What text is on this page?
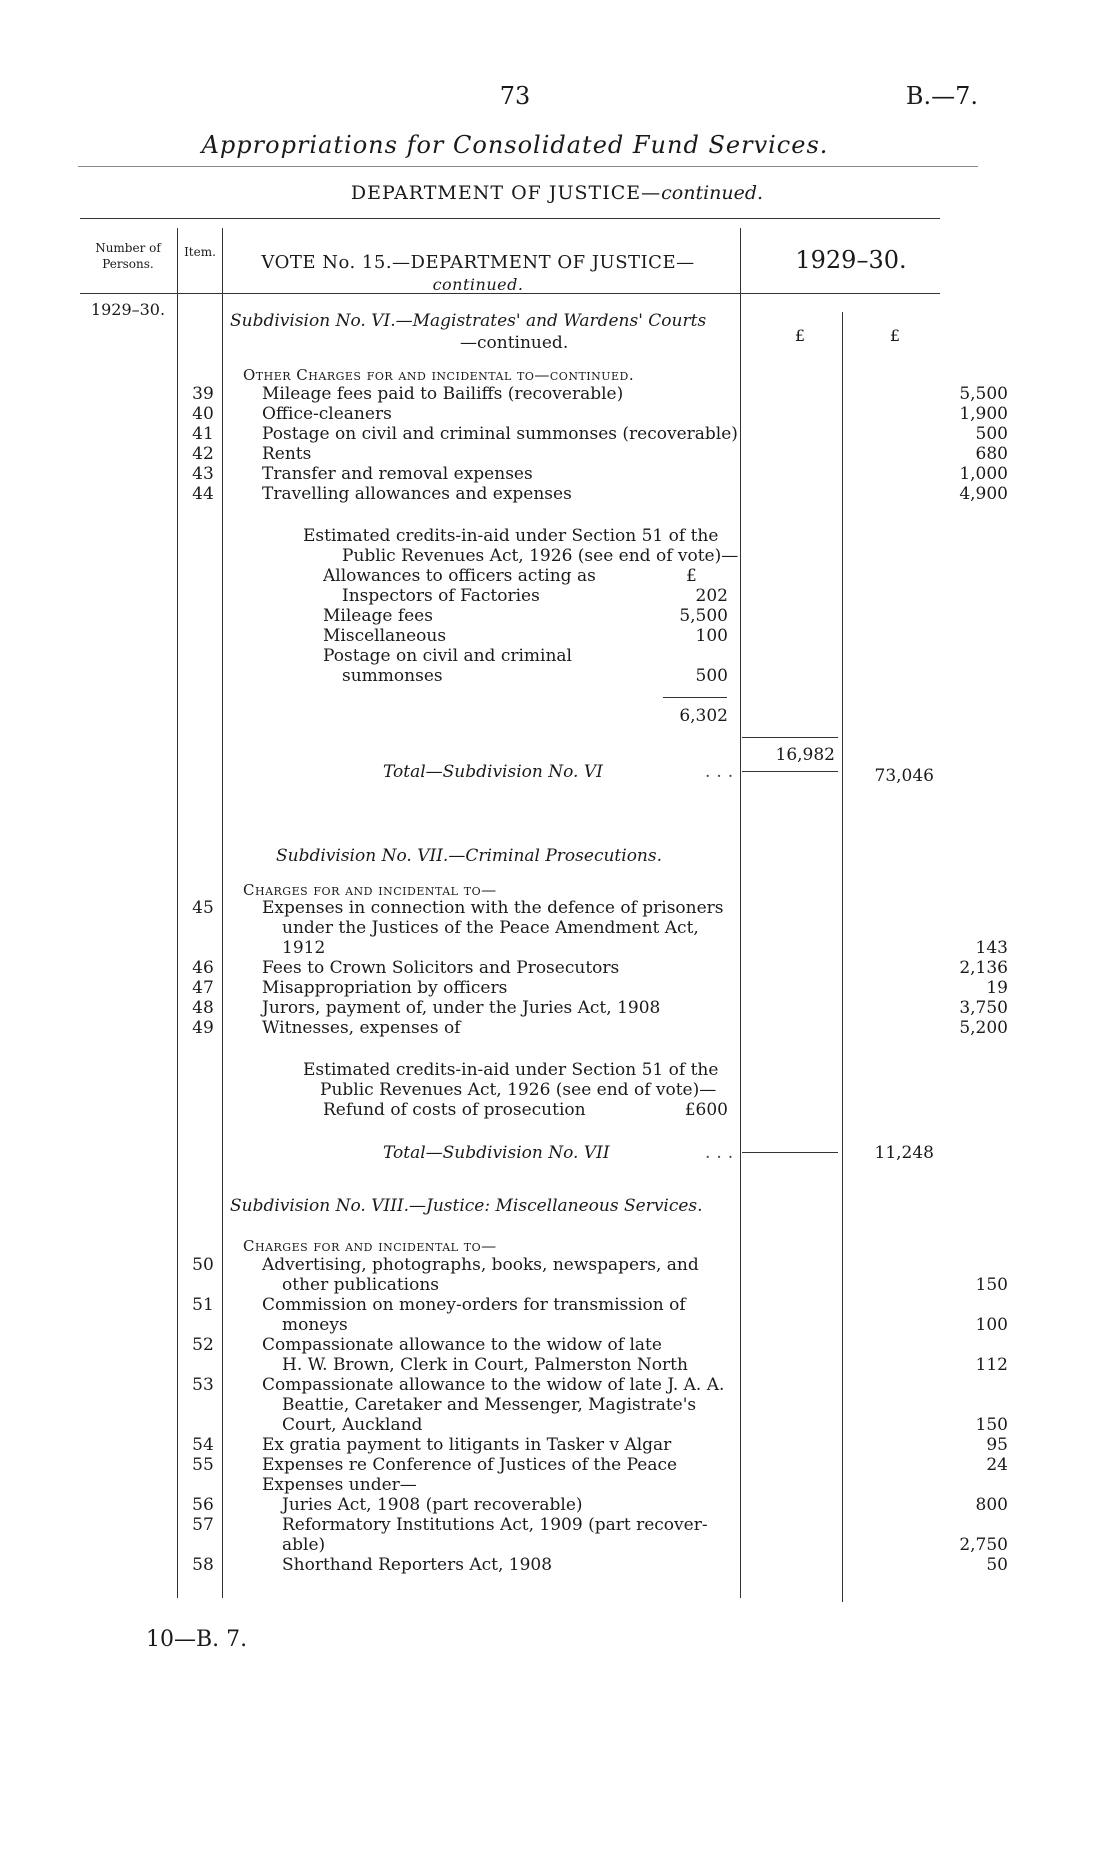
73	B.—7.
Appropriations for Consolidated Fund Services.
DEPARTMENT OF JUSTICE—continued.
Number of Persons.
Item.	VOTE No. 15.—DEPARTMENT OF JUSTICE—
continued.
1929–30.
1929–30.
£	£
Subdivision No. VI.—Magistrates' and Wardens' Courts
—continued.
Other Charges for and incidental to—continued.
39	Mileage fees paid to Bailiffs (recoverable)	5,500
40	Office-cleaners	1,900
41	Postage on civil and criminal summonses (recoverable)	500
42	Rents	680
43	Transfer and removal expenses	1,000
44	Travelling allowances and expenses	4,900
Estimated credits-in-aid under Section 51 of the
Public Revenues Act, 1926 (see end of vote)—
Allowances to officers acting as	£
Inspectors of Factories	202
Mileage fees	5,500
Miscellaneous	100
Postage on civil and criminal
summonses	500
6,302
16,982
Total—Subdivision No. VI	...	73,046
Subdivision No. VII.—Criminal Prosecutions.
Charges for and incidental to—
45	Expenses in connection with the defence of prisoners
under the Justices of the Peace Amendment Act,
1912	143
46	Fees to Crown Solicitors and Prosecutors	2,136
47	Misappropriation by officers	19
48	Jurors, payment of, under the Juries Act, 1908	3,750
49	Witnesses, expenses of	5,200
Estimated credits-in-aid under Section 51 of the
Public Revenues Act, 1926 (see end of vote)—
Refund of costs of prosecution	£600
Total—Subdivision No. VII	...	11,248
Subdivision No. VIII.—Justice: Miscellaneous Services.
Charges for and incidental to—
50	Advertising, photographs, books, newspapers, and
other publications	150
51	Commission on money-orders for transmission of
moneys	100
52	Compassionate allowance to the widow of late
H. W. Brown, Clerk in Court, Palmerston North	112
53	Compassionate allowance to the widow of late J. A. A.
Beattie, Caretaker and Messenger, Magistrate's
Court, Auckland	150
54	Ex gratia payment to litigants in Tasker v Algar	95
55	Expenses re Conference of Justices of the Peace	24
Expenses under—
56	Juries Act, 1908 (part recoverable)	800
57	Reformatory Institutions Act, 1909 (part recover-
able)	2,750
58	Shorthand Reporters Act, 1908	50
10—B. 7.
